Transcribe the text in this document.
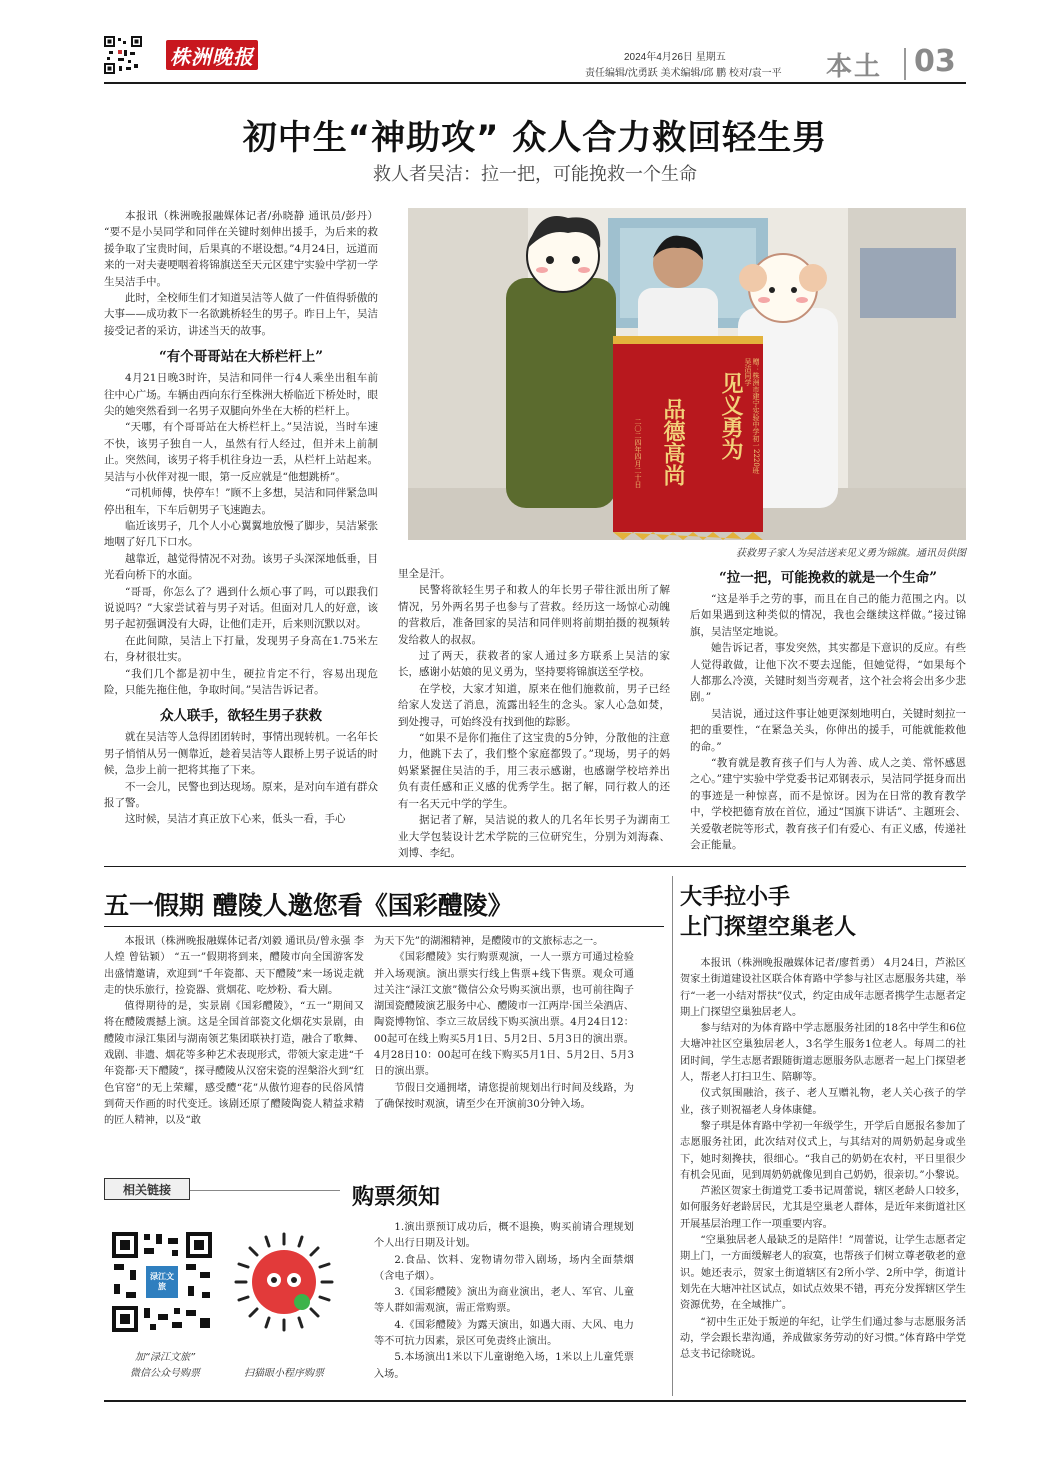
株洲晚报	2024年4月26日 星期五
责任编辑/沈勇跃 美术编辑/邱 鹏 校对/袁一平 本土 03
初中生“神助攻” 众人合力救回轻生男
救人者吴洁：拉一把，可能挽救一个生命

本报讯（株洲晚报融媒体记者/孙晓静 通讯员/彭丹） “要不是小吴同学和同伴在关键时刻伸出援手，为后来的救援争取了宝贵时间，后果真的不堪设想。”4月24日，远道而来的一对夫妻哽咽着将锦旗送至天元区建宁实验中学初一学生吴洁手中。

此时，全校师生们才知道吴洁等人做了一件值得骄傲的大事——成功救下一名欲跳桥轻生的男子。昨日上午，吴洁接受记者的采访，讲述当天的故事。

“有个哥哥站在大桥栏杆上”

4月21日晚3时许，吴洁和同伴一行4人乘坐出租车前往中心广场。车辆由西向东行至株洲大桥临近下桥处时，眼尖的她突然看到一名男子双腿向外坐在大桥的栏杆上。

“天哪，有个哥哥站在大桥栏杆上。”吴洁说，当时车速不快，该男子独自一人，虽然有行人经过，但并未上前制止。突然间，该男子将手机往身边一丢，从栏杆上站起来。吴洁与小伙伴对视一眼，第一反应就是“他想跳桥”。

“司机师傅，快停车！”顾不上多想，吴洁和同伴紧急叫停出租车，下车后朝男子飞速跑去。

临近该男子，几个人小心翼翼地放慢了脚步，吴洁紧张地咽了好几下口水。

越靠近，越觉得情况不对劲。该男子头深深地低垂，目光看向桥下的水面。

“哥哥，你怎么了？遇到什么烦心事了吗，可以跟我们说说吗？”大家尝试着与男子对话。但面对几人的好意，该男子起初强调没有大碍，让他们走开，后来则沉默以对。

在此间隙，吴洁上下打量，发现男子身高在1.75米左右，身材很壮实。

“我们几个都是初中生，硬拉肯定不行，容易出现危险，只能先拖住他，争取时间。”吴洁告诉记者。

众人联手，欲轻生男子获救

就在吴洁等人急得团团转时，事情出现转机。一名年长男子悄悄从另一侧靠近，趁着吴洁等人跟桥上男子说话的时候，急步上前一把将其拖了下来。

不一会儿，民警也到达现场。原来，是对向车道有群众报了警。

这时候，吴洁才真正放下心来，低头一看，手心

见义勇为
品德高尚	赠：株洲市建宁实验中学初一2220班 吴洁同学
二〇二四年四月二十日
获救男子家人为吴洁送来见义勇为锦旗。通讯员供图

里全是汗。

民警将欲轻生男子和救人的年长男子带往派出所了解情况，另外两名男子也参与了营救。经历这一场惊心动魄的营救后，准备回家的吴洁和同伴则将前期拍摄的视频转发给救人的叔叔。

过了两天，获救者的家人通过多方联系上吴洁的家长，感谢小姑娘的见义勇为，坚持要将锦旗送至学校。

在学校，大家才知道，原来在他们施救前，男子已经给家人发送了消息，流露出轻生的念头。家人心急如焚，到处搜寻，可始终没有找到他的踪影。

“如果不是你们拖住了这宝贵的5分钟，分散他的注意力，他跳下去了，我们整个家庭都毁了。”现场，男子的妈妈紧紧握住吴洁的手，用三表示感谢，也感谢学校培养出负有责任感和正义感的优秀学生。据了解，同行救人的还有一名天元中学的学生。

据记者了解，吴洁说的救人的几名年长男子为湖南工业大学包装设计艺术学院的三位研究生，分别为刘海森、刘博、李纪。

“拉一把，可能挽救的就是一个生命”

“这是举手之劳的事，而且在自己的能力范围之内。以后如果遇到这种类似的情况，我也会继续这样做。”接过锦旗，吴洁坚定地说。

她告诉记者，事发突然，其实都是下意识的反应。有些人觉得敢做，让他下次不要去逞能，但她觉得，“如果每个人都那么冷漠，关键时刻当旁观者，这个社会将会出多少悲剧。”

吴洁说，通过这件事让她更深刻地明白，关键时刻拉一把的重要性，“在紧急关头，你伸出的援手，可能就能救他的命。”

“教育就是教育孩子们与人为善、成人之美、常怀感恩之心。”建宁实验中学党委书记邓钢表示，吴洁同学挺身而出的事迹是一种惊喜，而不是惊讶。因为在日常的教育教学中，学校把德育放在首位，通过“国旗下讲话”、主题班会、关爱敬老院等形式，教育孩子们有爱心、有正义感，传递社会正能量。

五一假期 醴陵人邀您看《国彩醴陵》

本报讯（株洲晚报融媒体记者/刘毅 通讯员/曾永强 李人煌 曾钻颖） “五一”假期将到来，醴陵市向全国游客发出盛情邀请，欢迎到“千年瓷都、天下醴陵”来一场说走就走的快乐旅行，捡瓷器、赏烟花、吃炒粉、看大剧。

值得期待的是，实景剧《国彩醴陵》，“五一”期间又将在醴陵震撼上演。这是全国首部瓷文化烟花实景剧，由醴陵市渌江集团与湖南领艺集团联袂打造，融合了歌舞、戏剧、非遗、烟花等多种艺术表现形式，带领大家走进“千年瓷都·天下醴陵”，探寻醴陵从汉窑宋瓷的涅槃浴火到“红色官窑”的无上荣耀，感受醴“花”从傲竹迎春的民俗风情到荷天作画的时代变迁。该剧还原了醴陵陶瓷人精益求精的匠人精神，以及“敢

为天下先”的湖湘精神，是醴陵市的文旅标志之一。

《国彩醴陵》实行购票观演，一人一票方可通过检验并入场观演。演出票实行线上售票+线下售票。观众可通过关注“渌江文旅”微信公众号购买演出票，也可前往陶子湖国瓷醴陵演艺服务中心、醴陵市一江两岸·国兰朵酒店、陶瓷博物馆、李立三故居线下购买演出票。4月24日12：00起可在线上购买5月1日、5月2日、5月3日的演出票。4月28日10：00起可在线下购买5月1日、5月2日、5月3日的演出票。

节假日交通拥堵，请您提前规划出行时间及线路，为了确保按时观演，请至少在开演前30分钟入场。

相关链接
渌江文旅
加“渌江文旅”
微信公众号购票	扫猫眼小程序购票
购票须知

1.演出票预订成功后，概不退换，购买前请合理规划个人出行日期及计划。

2.食品、饮料、宠物请勿带入剧场，场内全面禁烟（含电子烟）。

3.《国彩醴陵》演出为商业演出，老人、军官、儿童等人群如需观演，需正常购票。

4.《国彩醴陵》为露天演出，如遇大雨、大风、电力等不可抗力因素，景区可免责终止演出。

5.本场演出1米以下儿童谢绝入场，1米以上儿童凭票入场。

大手拉小手
上门探望空巢老人

本报讯（株洲晚报融媒体记者/廖哲勇） 4月24日，芦淞区贺家土街道建设社区联合体育路中学参与社区志愿服务共建，举行“一老一小结对帮扶”仪式，约定由成年志愿者携学生志愿者定期上门探望空巢独居老人。

参与结对的为体育路中学志愿服务社团的18名中学生和6位大塘冲社区空巢独居老人，3名学生服务1位老人。每周二的社团时间，学生志愿者跟随街道志愿服务队志愿者一起上门探望老人，帮老人打扫卫生、陪聊等。

仪式氛围融洽，孩子、老人互赠礼物，老人关心孩子的学业，孩子则祝福老人身体康健。

黎子琪是体育路中学初一年级学生，开学后自愿报名参加了志愿服务社团，此次结对仪式上，与其结对的周奶奶起身或坐下，她时刻搀扶，很细心。“我自己的奶奶在农村，平日里很少有机会见面，见到周奶奶就像见到自己奶奶，很亲切。”小黎说。

芦淞区贺家土街道党工委书记周蕾说，辖区老龄人口较多，如何服务好老龄居民，尤其是空巢老人群体，是近年来街道社区开展基层治理工作一项重要内容。

“空巢独居老人最缺乏的是陪伴！”周蕾说，让学生志愿者定期上门，一方面缓解老人的寂寞，也帮孩子们树立尊老敬老的意识。她还表示，贺家土街道辖区有2所小学、2所中学，街道计划先在大塘冲社区试点，如试点效果不错，再充分发挥辖区学生资源优势，在全域推广。

“初中生正处于叛逆的年纪，让学生们通过参与志愿服务活动，学会跟长辈沟通，养成做家务劳动的好习惯。”体育路中学党总支书记徐晓说。
